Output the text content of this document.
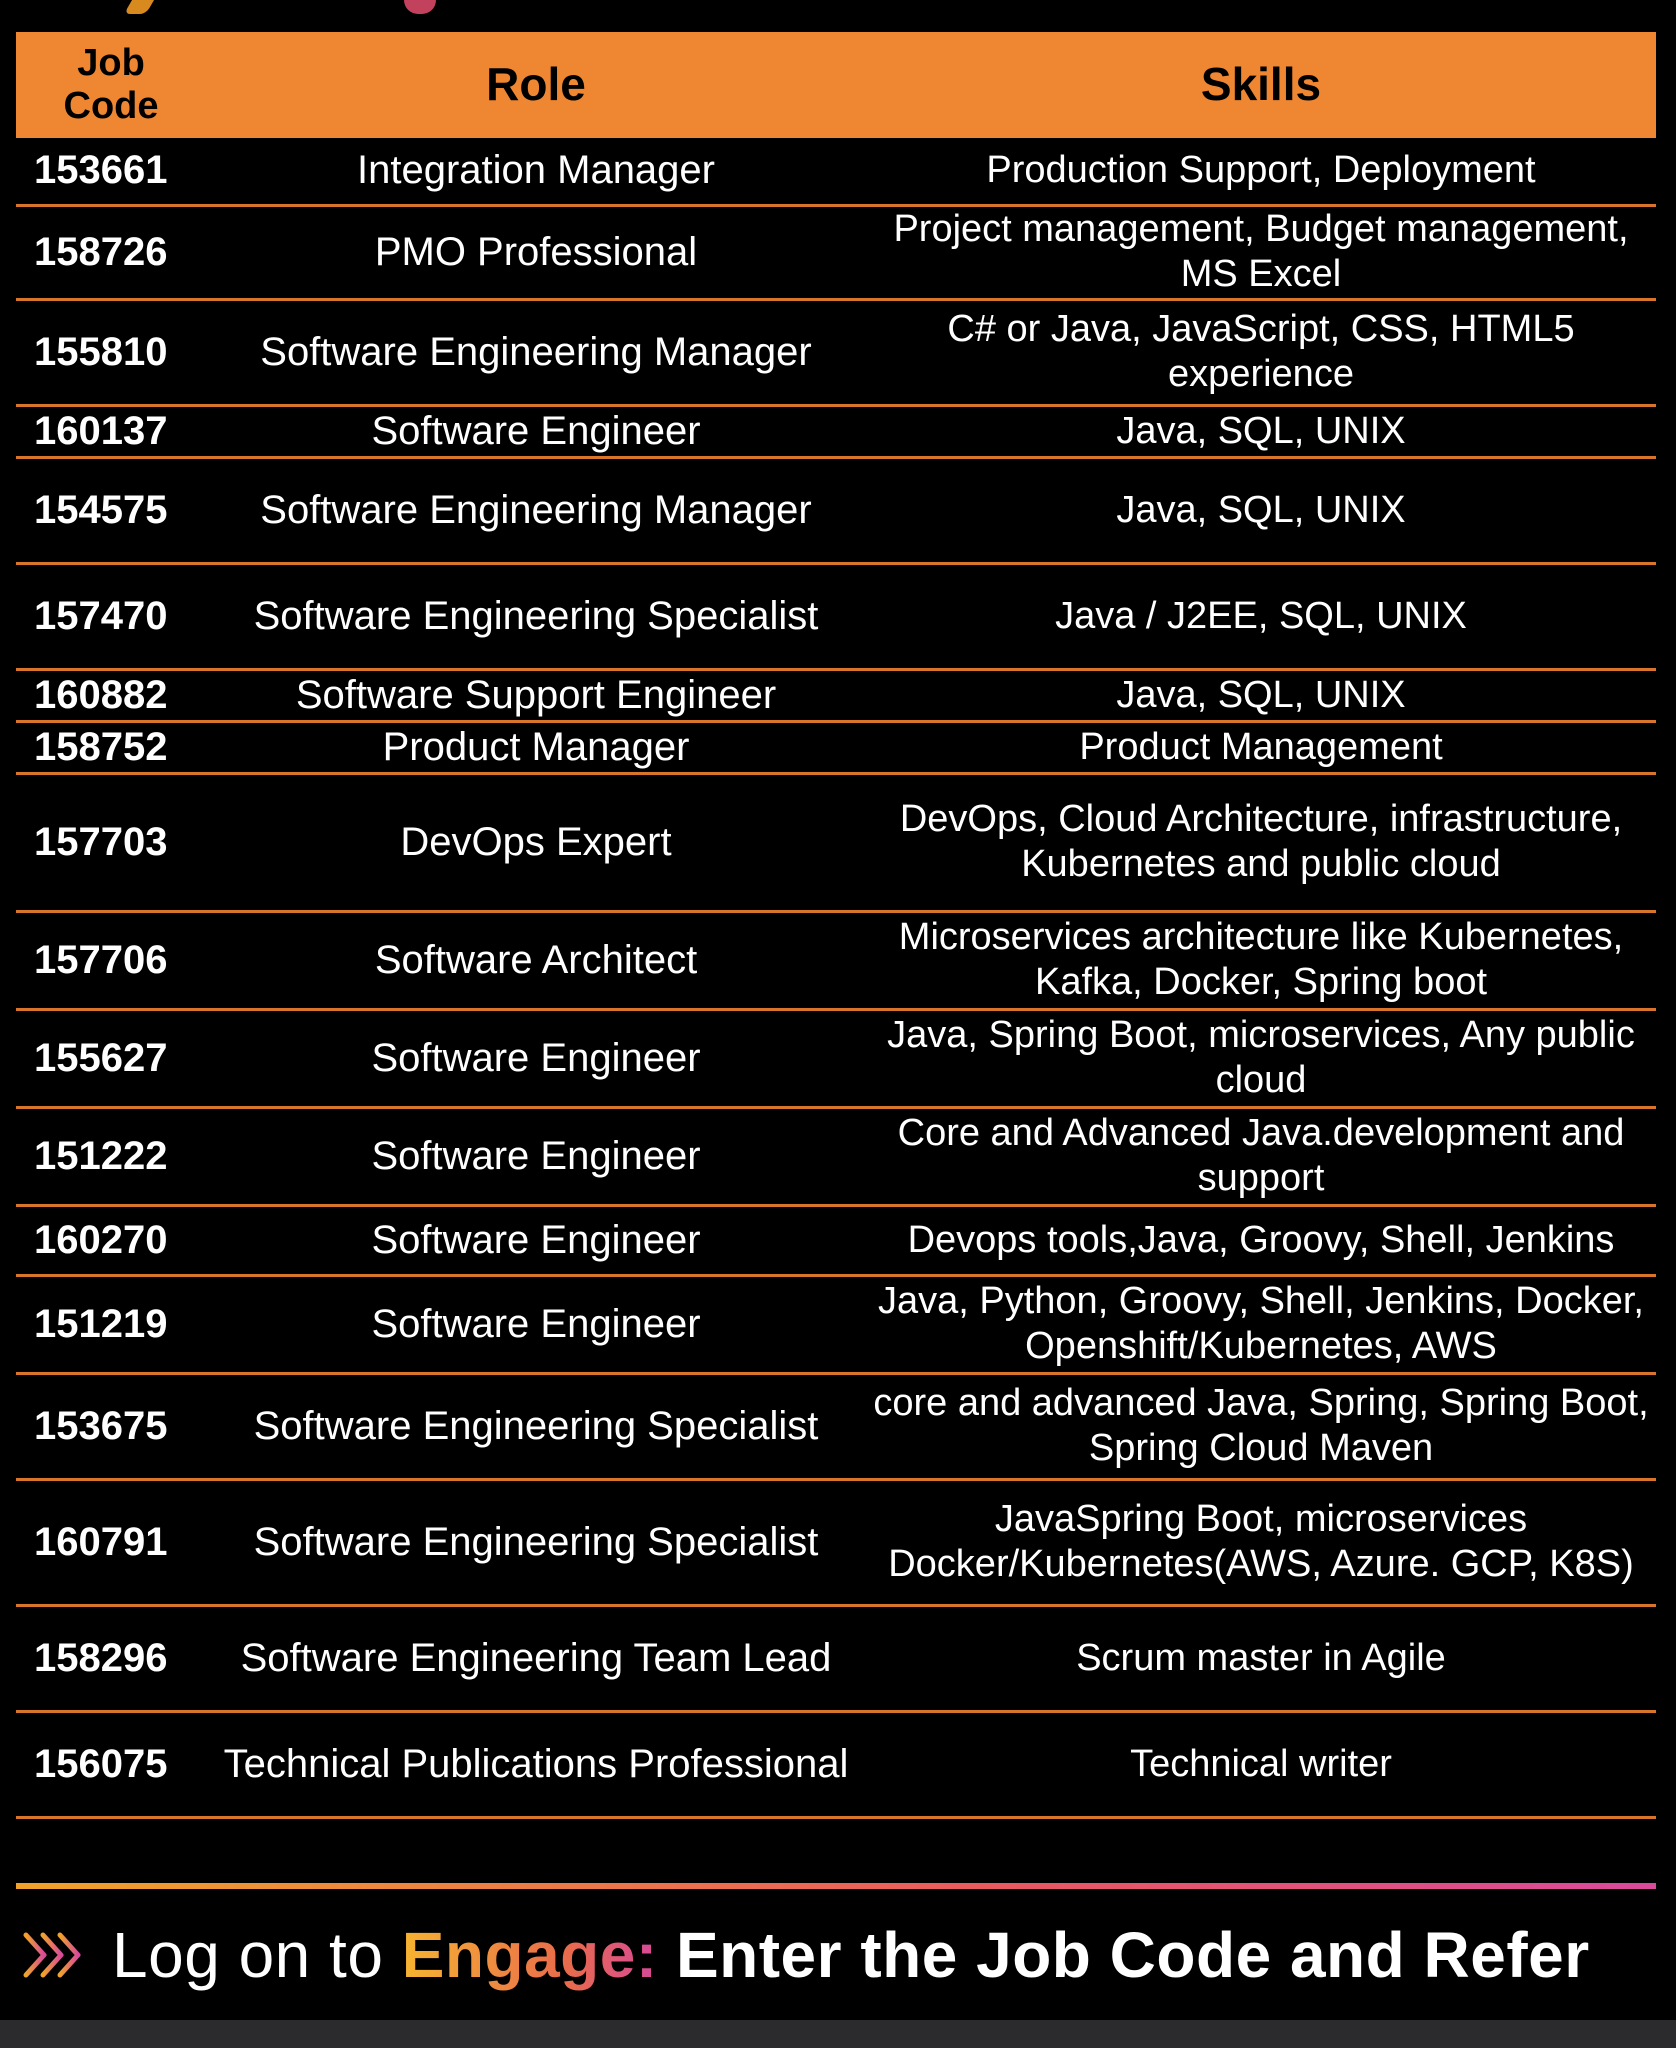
Job
Code	Role	Skills
153661	Integration Manager	Production Support, Deployment
158726	PMO Professional	Project management, Budget management, MS Excel
155810	Software Engineering Manager	C# or Java, JavaScript, CSS, HTML5 experience
160137	Software Engineer	Java, SQL, UNIX
154575	Software Engineering Manager	Java, SQL, UNIX
157470	Software Engineering Specialist	Java / J2EE, SQL, UNIX
160882	Software Support Engineer	Java, SQL, UNIX
158752	Product Manager	Product Management
157703	DevOps Expert	DevOps, Cloud Architecture, infrastructure, Kubernetes and public cloud
157706	Software Architect	Microservices architecture like Kubernetes, Kafka, Docker, Spring boot
155627	Software Engineer	Java, Spring Boot, microservices, Any public cloud
151222	Software Engineer	Core and Advanced Java.development and support
160270	Software Engineer	Devops tools,Java, Groovy, Shell, Jenkins
151219	Software Engineer	Java, Python, Groovy, Shell, Jenkins, Docker, Openshift/Kubernetes, AWS
153675	Software Engineering Specialist	core and advanced Java, Spring, Spring Boot, Spring Cloud Maven
160791	Software Engineering Specialist	JavaSpring Boot, microservices Docker/Kubernetes(AWS, Azure. GCP, K8S)
158296	Software Engineering Team Lead	Scrum master in Agile
156075	Technical Publications Professional	Technical writer
Log on to Engage: Enter the Job Code and Refer
